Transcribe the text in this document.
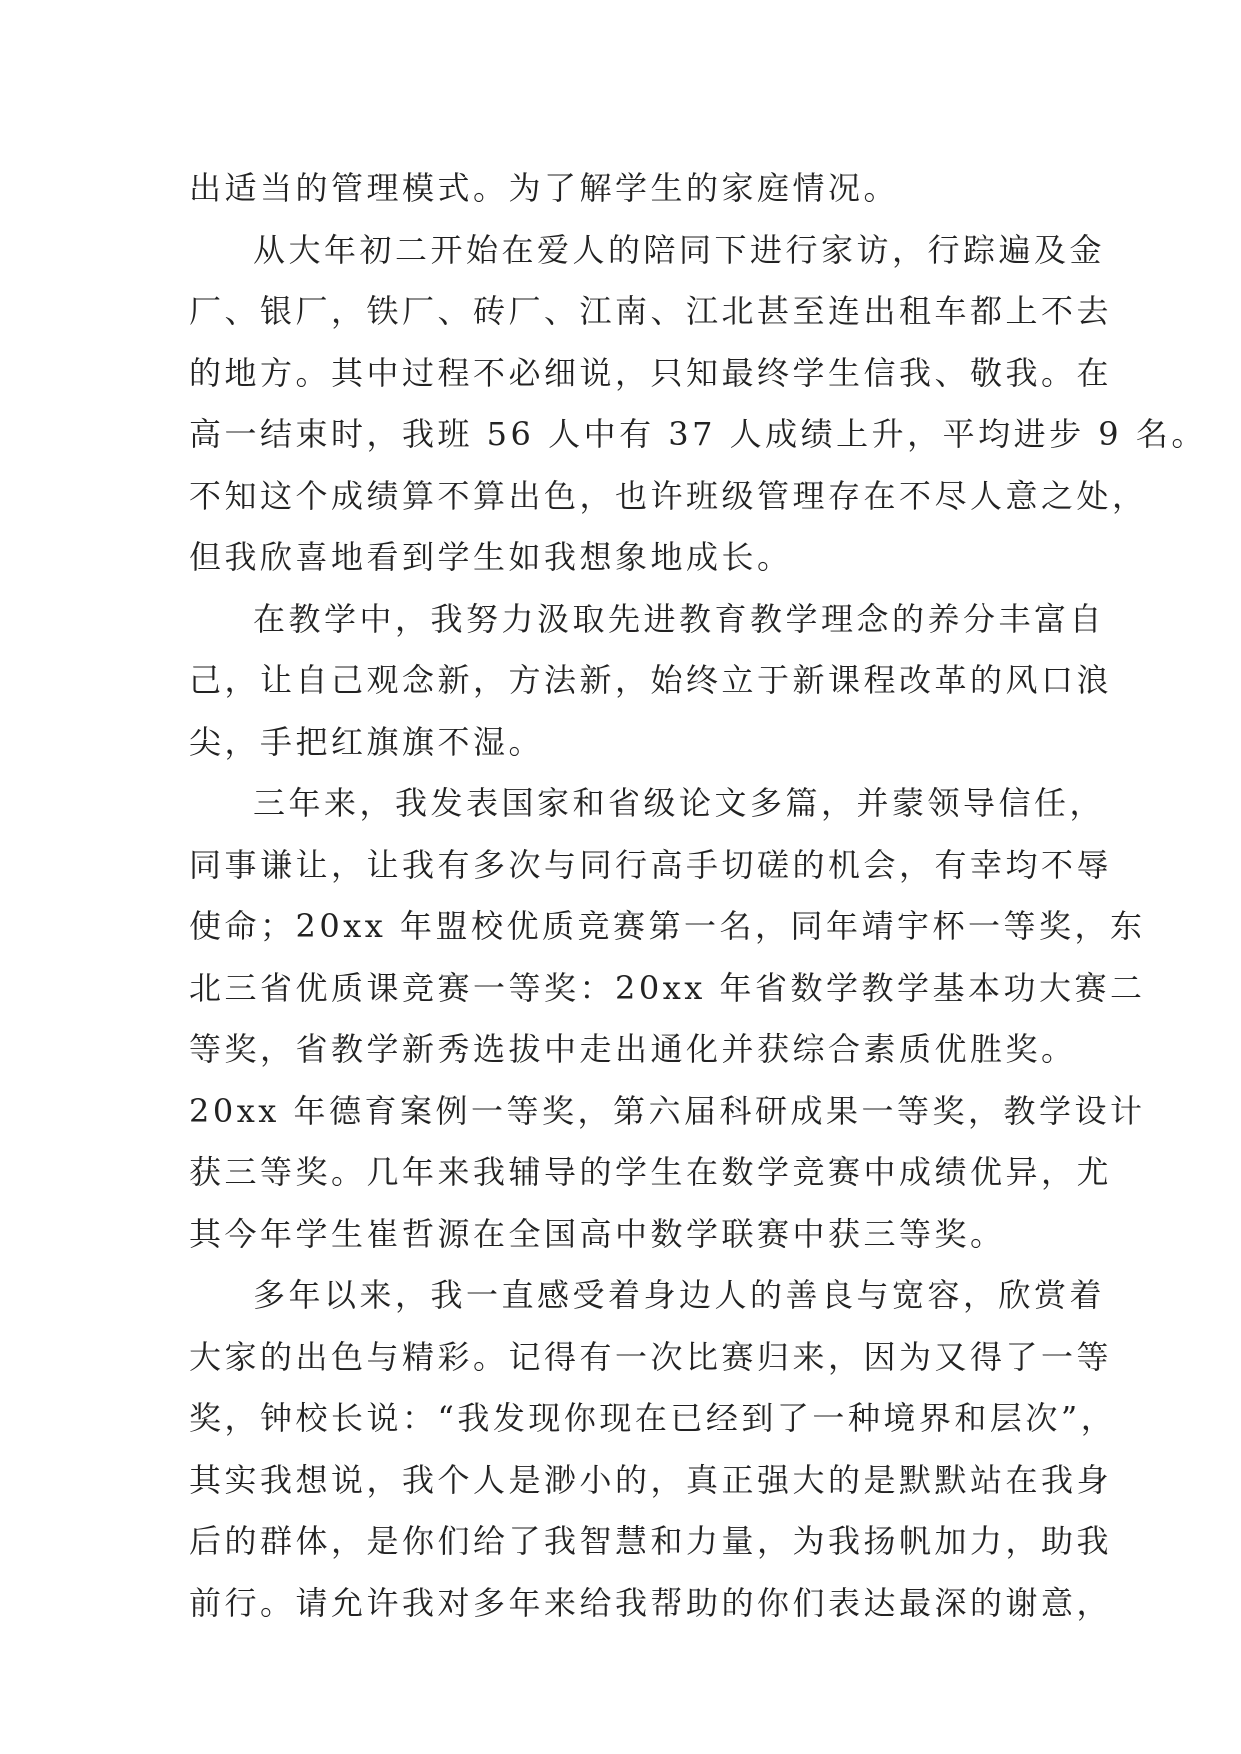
出适当的管理模式。为了解学生的家庭情况。
从大年初二开始在爱人的陪同下进行家访，行踪遍及金
厂、银厂，铁厂、砖厂、江南、江北甚至连出租车都上不去
的地方。其中过程不必细说，只知最终学生信我、敬我。在
高一结束时，我班 56 人中有 37 人成绩上升，平均进步 9 名。
不知这个成绩算不算出色，也许班级管理存在不尽人意之处，
但我欣喜地看到学生如我想象地成长。
在教学中，我努力汲取先进教育教学理念的养分丰富自
己，让自己观念新，方法新，始终立于新课程改革的风口浪
尖，手把红旗旗不湿。
三年来，我发表国家和省级论文多篇，并蒙领导信任，
同事谦让，让我有多次与同行高手切磋的机会，有幸均不辱
使命；20xx 年盟校优质竞赛第一名，同年靖宇杯一等奖，东
北三省优质课竞赛一等奖：20xx 年省数学教学基本功大赛二
等奖，省教学新秀选拔中走出通化并获综合素质优胜奖。
20xx 年德育案例一等奖，第六届科研成果一等奖，教学设计
获三等奖。几年来我辅导的学生在数学竞赛中成绩优异，尤
其今年学生崔哲源在全国高中数学联赛中获三等奖。
多年以来，我一直感受着身边人的善良与宽容，欣赏着
大家的出色与精彩。记得有一次比赛归来，因为又得了一等
奖，钟校长说：“我发现你现在已经到了一种境界和层次”，
其实我想说，我个人是渺小的，真正强大的是默默站在我身
后的群体，是你们给了我智慧和力量，为我扬帆加力，助我
前行。请允许我对多年来给我帮助的你们表达最深的谢意，
